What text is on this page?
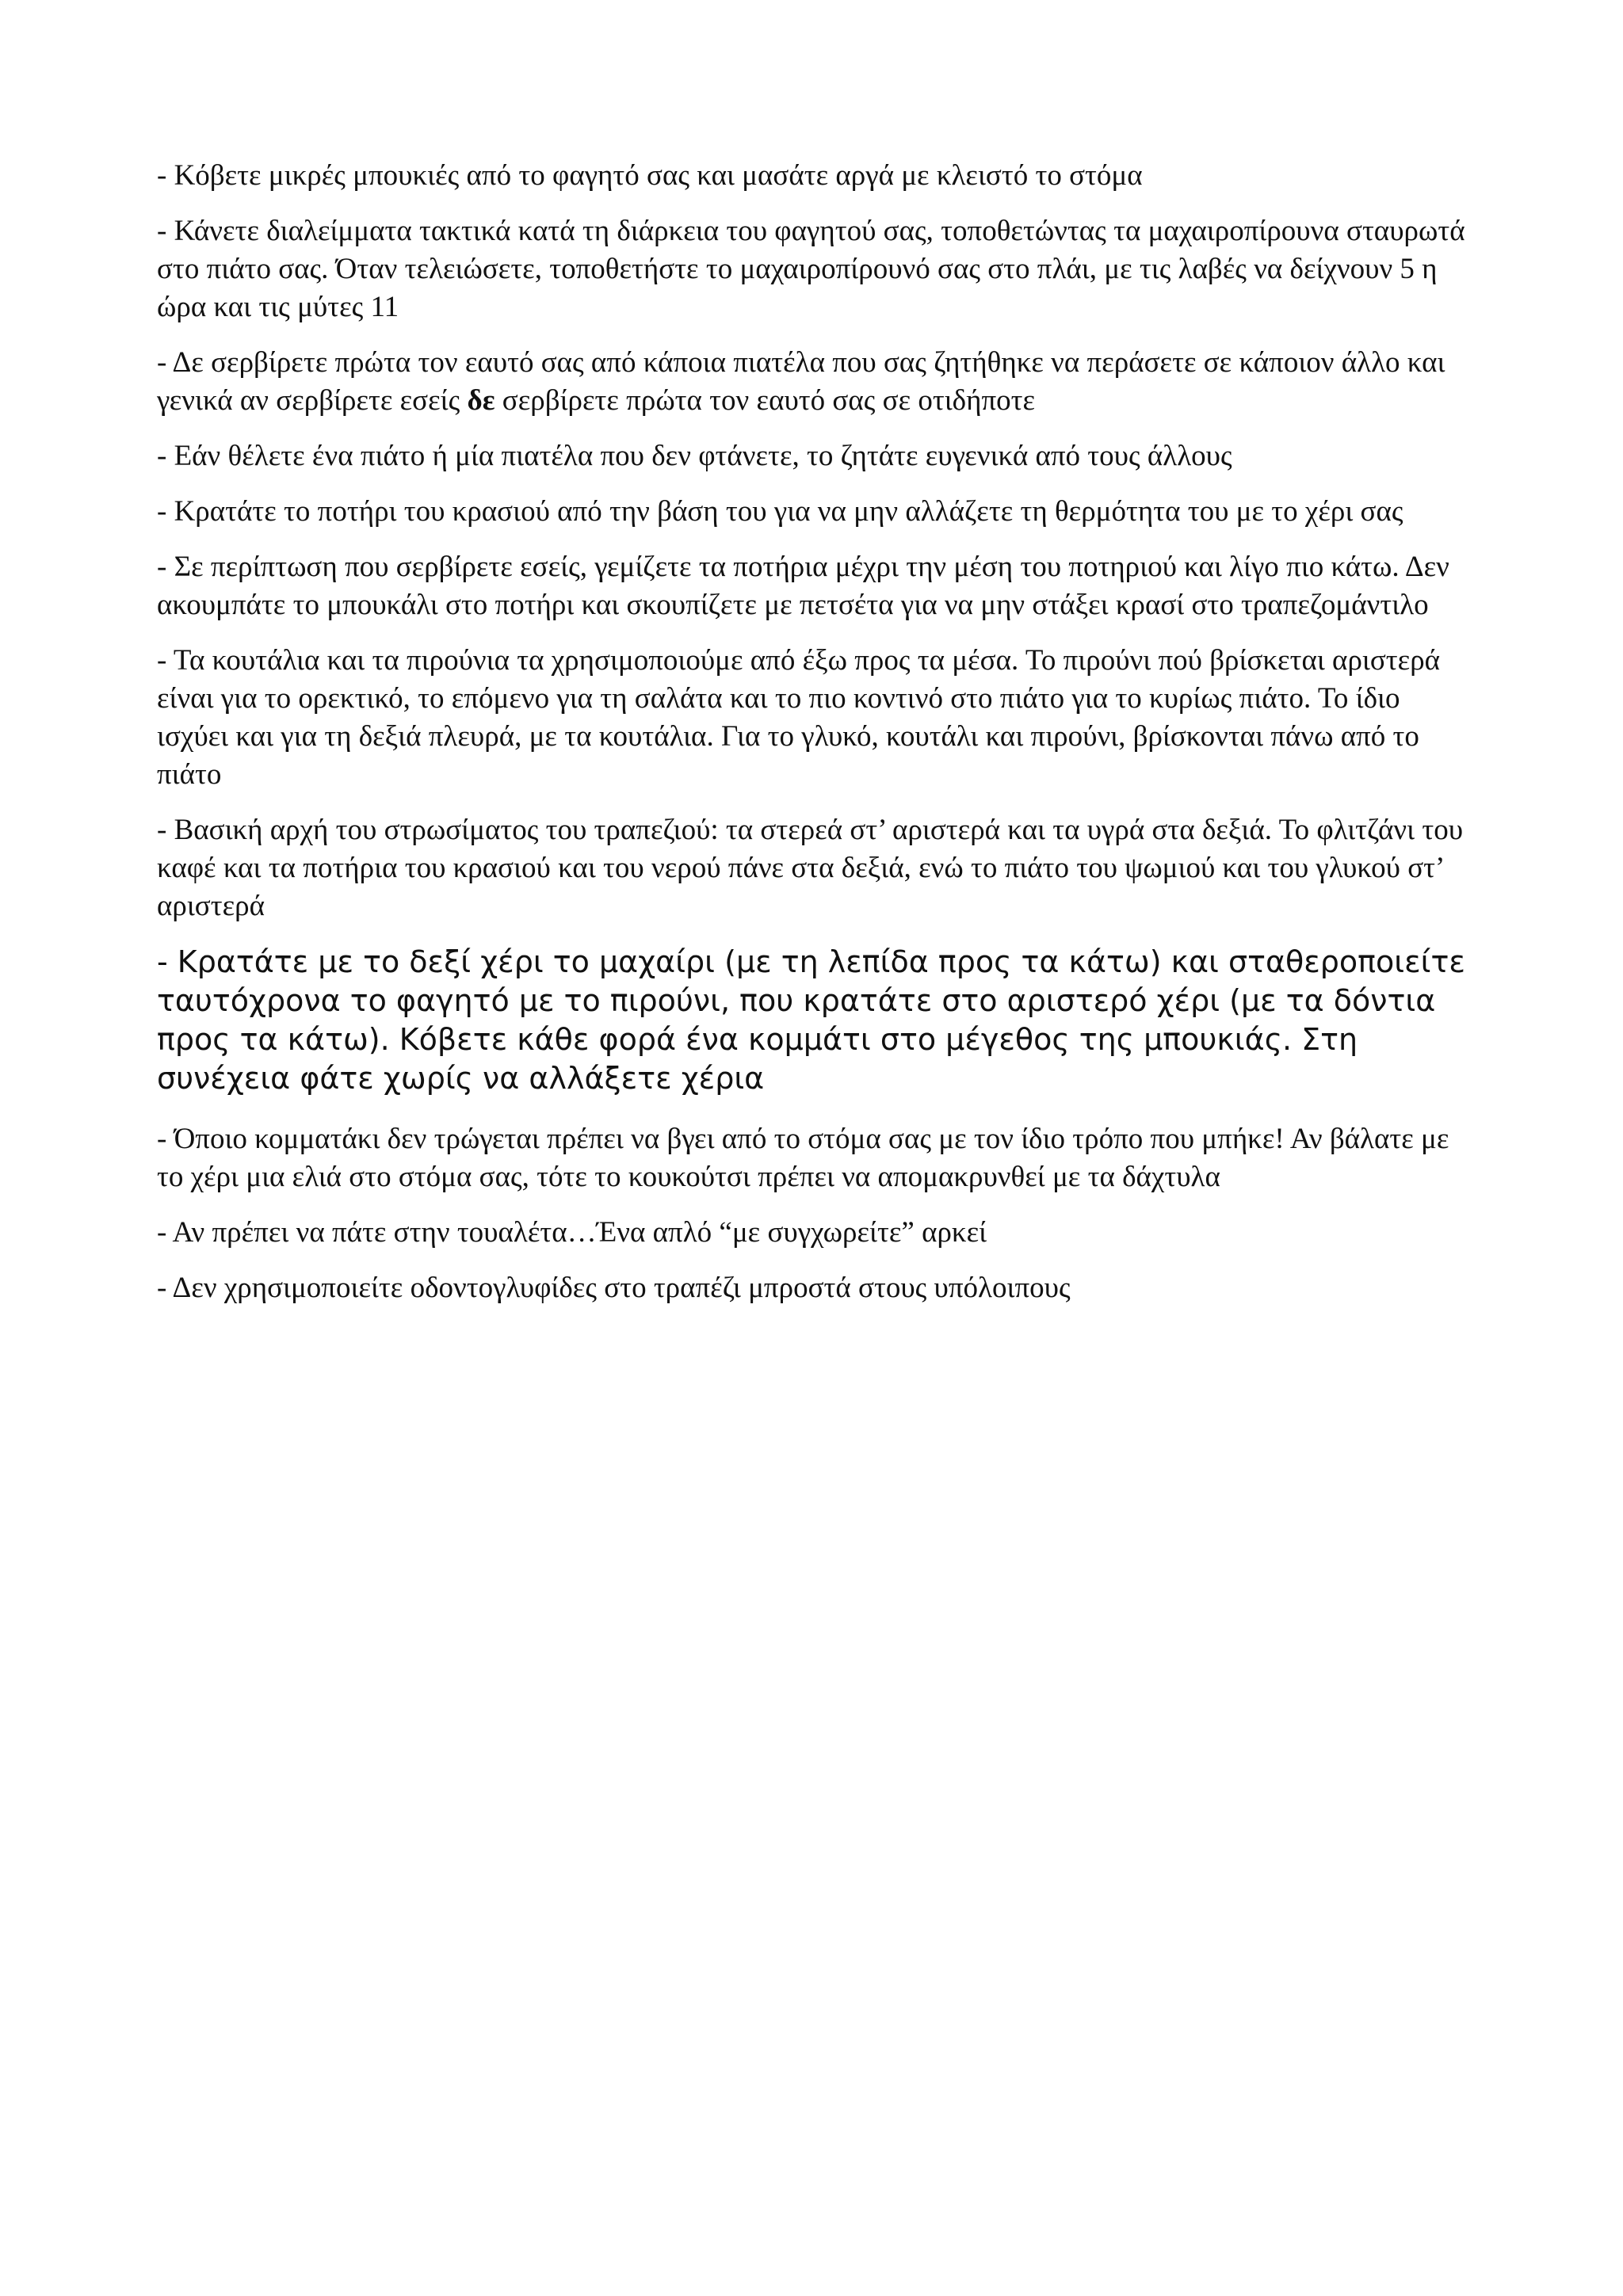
- Κόβετε μικρές μπουκιές από το φαγητό σας και μασάτε αργά με κλειστό το στόμα

- Κάνετε διαλείμματα τακτικά κατά τη διάρκεια του φαγητού σας, τοποθετώντας τα μαχαιροπίρουνα σταυρωτά στο πιάτο σας. Όταν τελειώσετε, τοποθετήστε το μαχαιροπίρουνό σας στο πλάι, με τις λαβές να δείχνουν 5 η ώρα και τις μύτες 11

- Δε σερβίρετε πρώτα τον εαυτό σας από κάποια πιατέλα που σας ζητήθηκε να περάσετε σε κάποιον άλλο και γενικά αν σερβίρετε εσείς δε σερβίρετε πρώτα τον εαυτό σας σε οτιδήποτε

- Εάν θέλετε ένα πιάτο ή μία πιατέλα που δεν φτάνετε, το ζητάτε ευγενικά από τους άλλους

- Κρατάτε το ποτήρι του κρασιού από την βάση του για να μην αλλάζετε τη θερμότητα του με το χέρι σας

- Σε περίπτωση που σερβίρετε εσείς, γεμίζετε τα ποτήρια μέχρι την μέση του ποτηριού και λίγο πιο κάτω. Δεν ακουμπάτε το μπουκάλι στο ποτήρι και σκουπίζετε με πετσέτα για να μην στάξει κρασί στο τραπεζομάντιλο

- Τα κουτάλια και τα πιρούνια τα χρησιμοποιούμε από έξω προς τα μέσα. Το πιρούνι πού βρίσκεται αριστερά είναι για το ορεκτικό, το επόμενο για τη σαλάτα και το πιο κοντινό στο πιάτο για το κυρίως πιάτο. Το ίδιο ισχύει και για τη δεξιά πλευρά, με τα κουτάλια. Για το γλυκό, κουτάλι και πιρούνι, βρίσκονται πάνω από το πιάτο

- Βασική αρχή του στρωσίματος του τραπεζιού: τα στερεά στ’ αριστερά και τα υγρά στα δεξιά. Το φλιτζάνι του καφέ και τα ποτήρια του κρασιού και του νερού πάνε στα δεξιά, ενώ το πιάτο του ψωμιού και του γλυκού στ’ αριστερά

- Κρατάτε με το δεξί χέρι το μαχαίρι (με τη λεπίδα προς τα κάτω) και σταθεροποιείτε ταυτόχρονα το φαγητό με το πιρούνι, που κρατάτε στο αριστερό χέρι (με τα δόντια προς τα κάτω). Κόβετε κάθε φορά ένα κομμάτι στο μέγεθος της μπουκιάς. Στη συνέχεια φάτε χωρίς να αλλάξετε χέρια

- Όποιο κομματάκι δεν τρώγεται πρέπει να βγει από το στόμα σας με τον ίδιο τρόπο που μπήκε! Αν βάλατε με το χέρι μια ελιά στο στόμα σας, τότε το κουκούτσι πρέπει να απομακρυνθεί με τα δάχτυλα

- Αν πρέπει να πάτε στην τουαλέτα…Ένα απλό “με συγχωρείτε” αρκεί

- Δεν χρησιμοποιείτε οδοντογλυφίδες στο τραπέζι μπροστά στους υπόλοιπους
